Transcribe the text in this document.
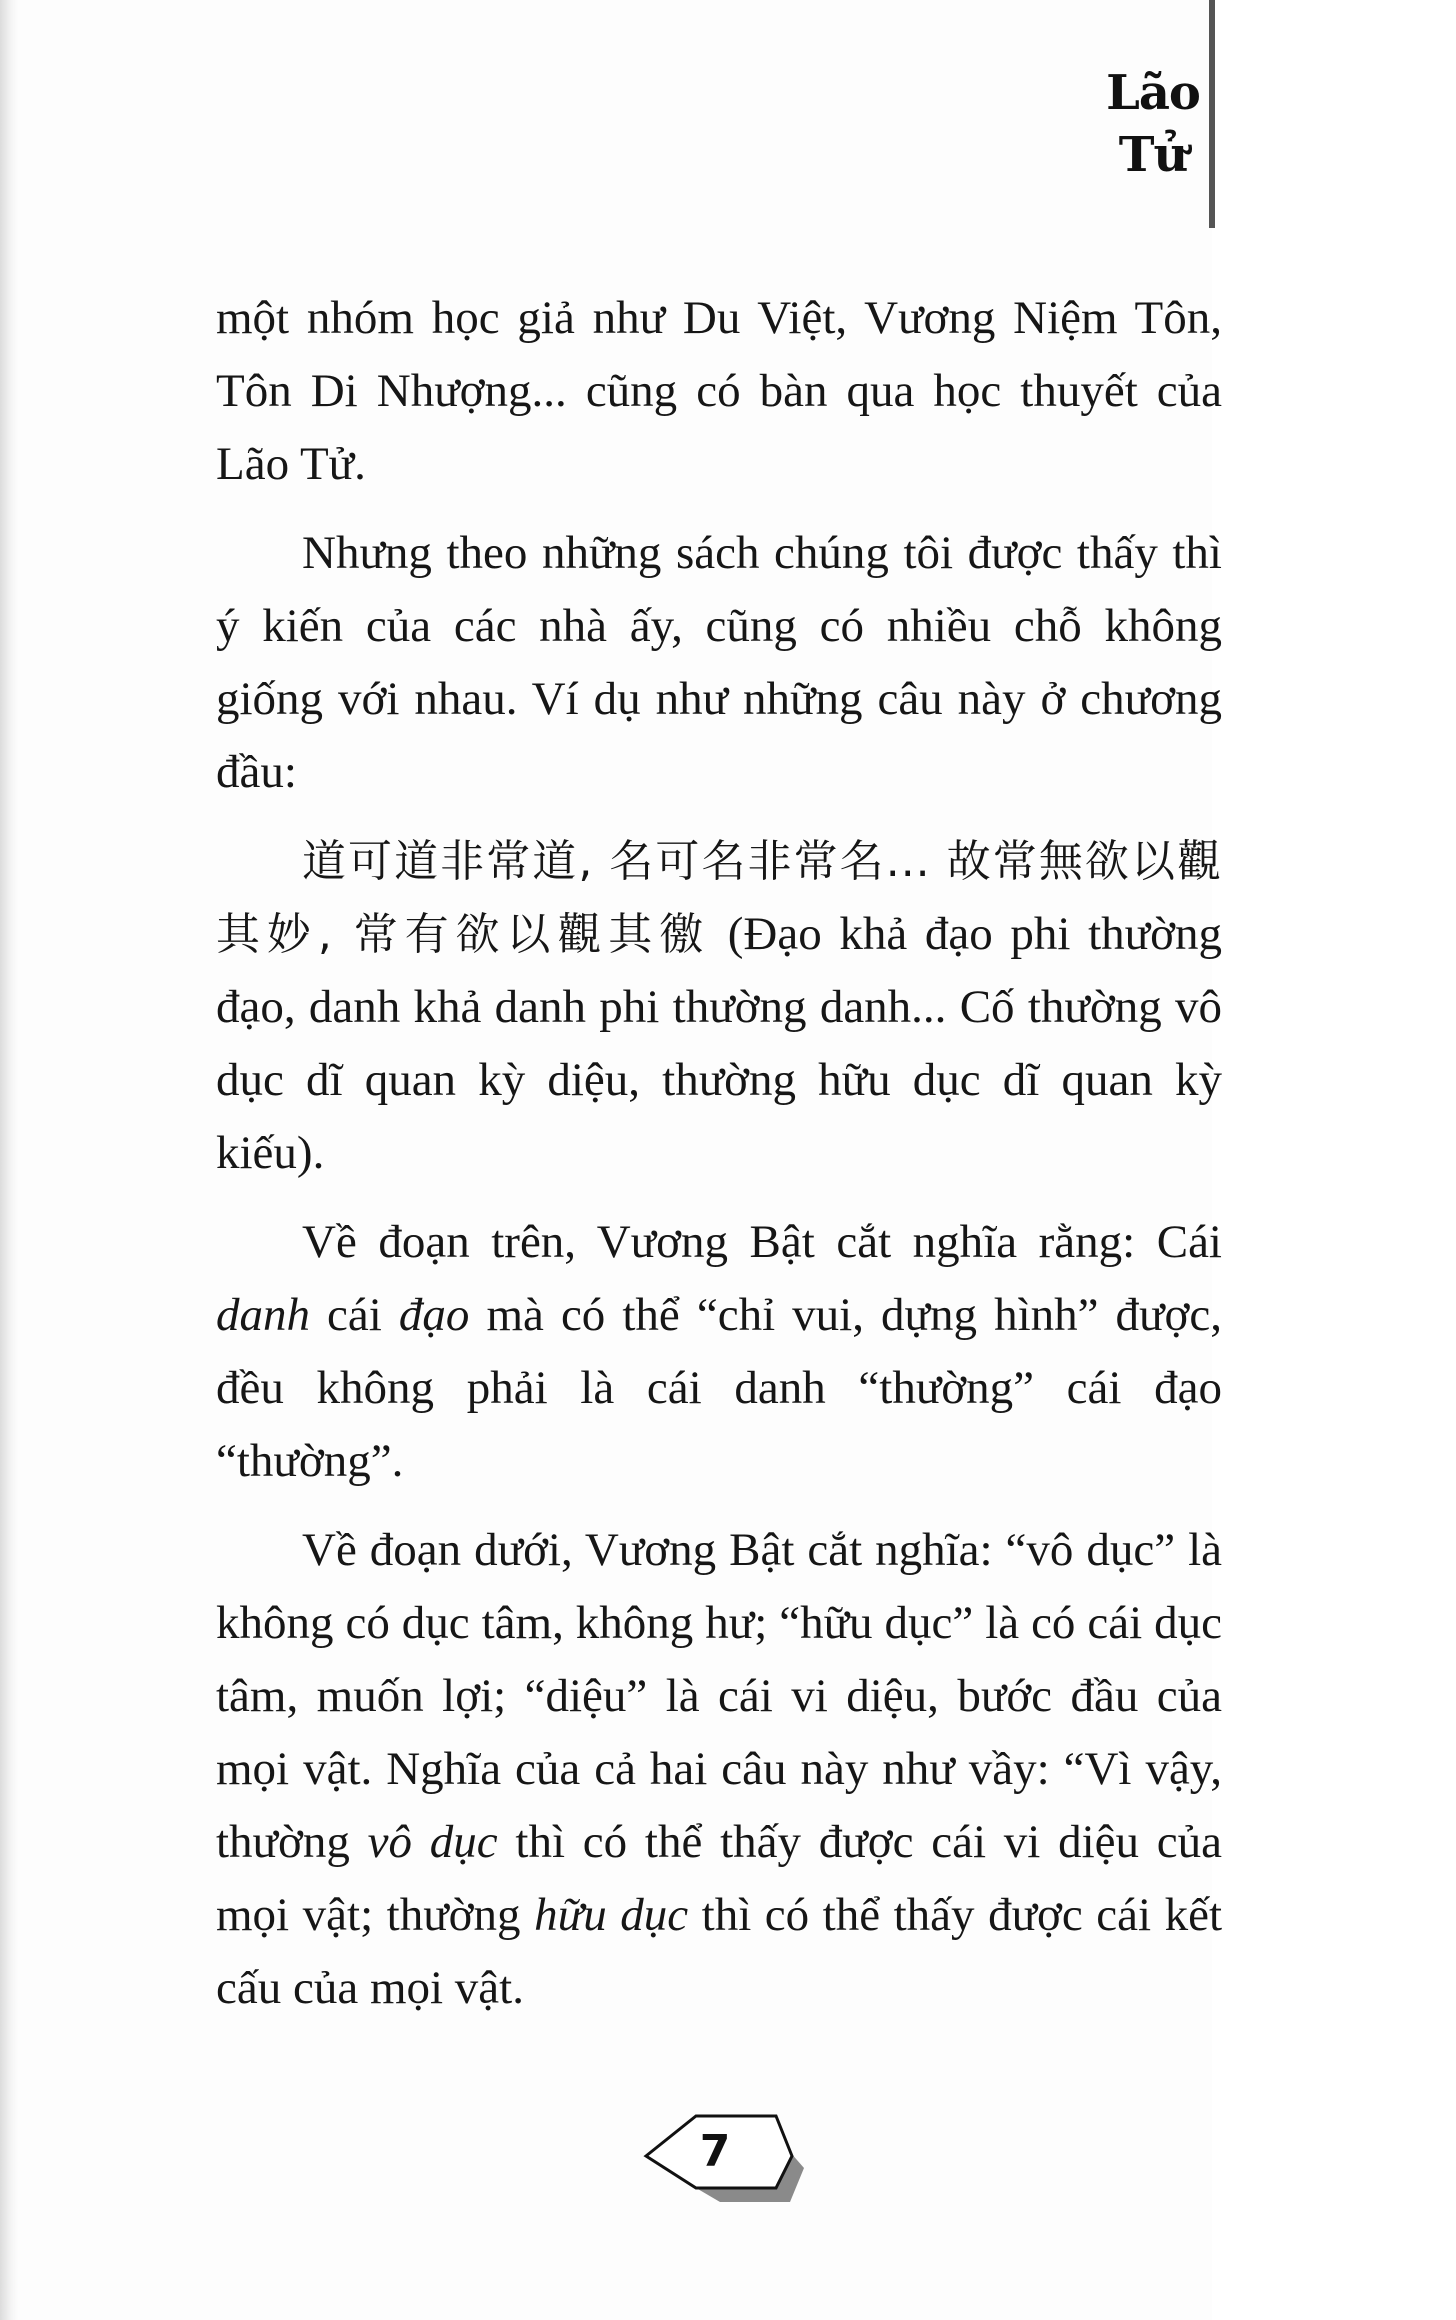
Lão
Tử

một nhóm học giả như Du Việt, Vương Niệm Tôn, Tôn Di Nhượng... cũng có bàn qua học thuyết của Lão Tử.

Nhưng theo những sách chúng tôi được thấy thì ý kiến của các nhà ấy, cũng có nhiều chỗ không giống với nhau. Ví dụ như những câu này ở chương đầu:

道可道非常道, 名可名非常名... 故常無欲以觀其妙, 常有欲以觀其徼 (Đạo khả đạo phi thường đạo, danh khả danh phi thường danh... Cố thường vô dục dĩ quan kỳ diệu, thường hữu dục dĩ quan kỳ kiếu).

Về đoạn trên, Vương Bật cắt nghĩa rằng: Cái danh cái đạo mà có thể “chỉ vui, dựng hình” được, đều không phải là cái danh “thường” cái đạo “thường”.

Về đoạn dưới, Vương Bật cắt nghĩa: “vô dục” là không có dục tâm, không hư; “hữu dục” là có cái dục tâm, muốn lợi; “diệu” là cái vi diệu, bước đầu của mọi vật. Nghĩa của cả hai câu này như vầy: “Vì vậy, thường vô dục thì có thể thấy được cái vi diệu của mọi vật; thường hữu dục thì có thể thấy được cái kết cấu của mọi vật.

7
